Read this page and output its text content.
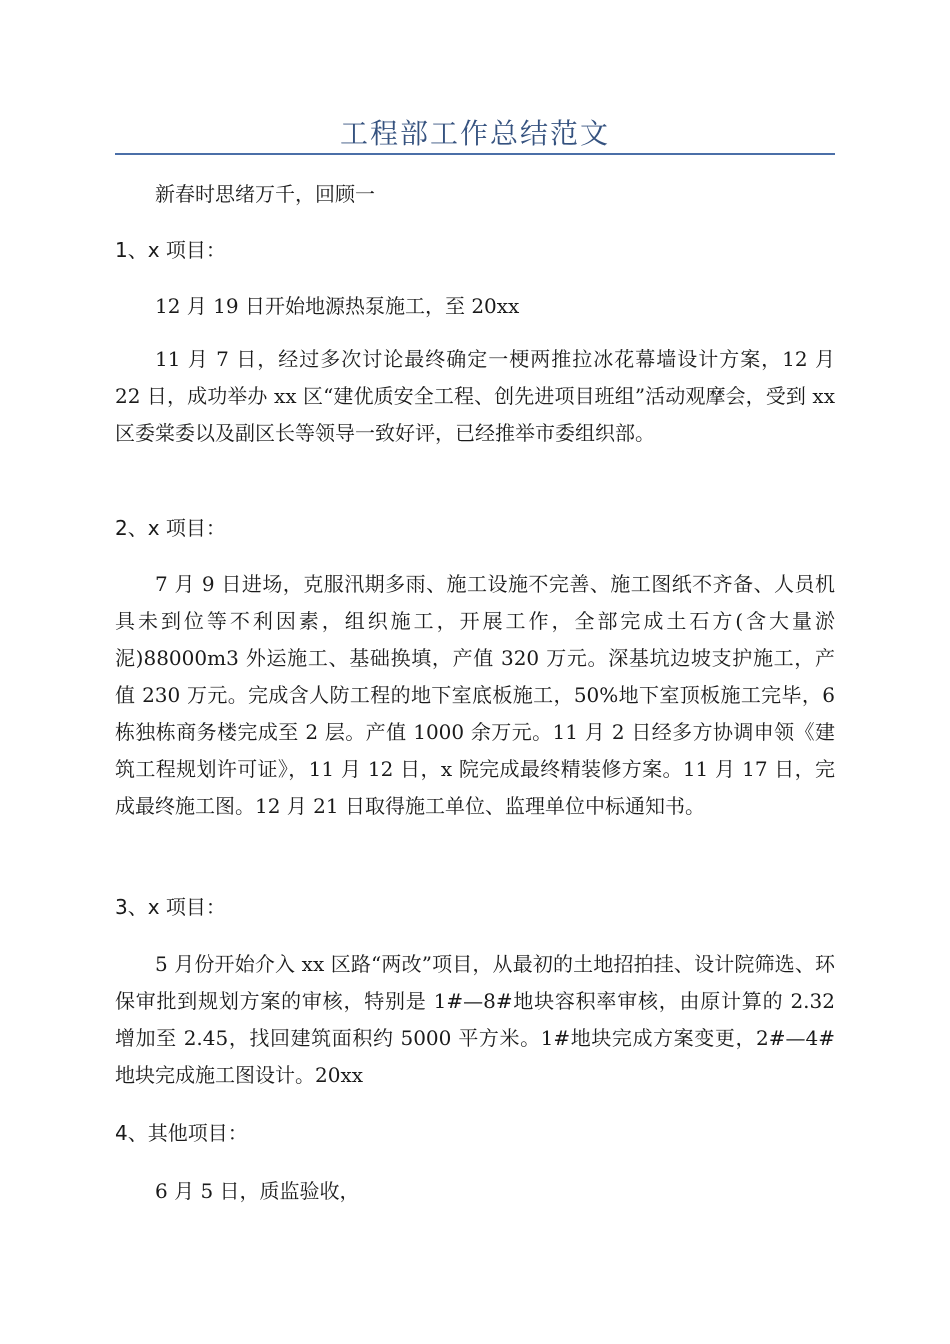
工程部工作总结范文

新春时思绪万千，回顾一

1、x 项目：

12 月 19 日开始地源热泵施工，至 20xx

11 月 7 日，经过多次讨论最终确定一梗两推拉冰花幕墙设计方案，12 月 22 日，成功举办 xx 区“建优质安全工程、创先进项目班组”活动观摩会，受到 xx 区委棠委以及副区长等领导一致好评，已经推举市委组织部。

2、x 项目：

7 月 9 日进场，克服汛期多雨、施工设施不完善、施工图纸不齐备、人员机具未到位等不利因素，组织施工，开展工作，全部完成土石方(含大量淤泥)88000m3 外运施工、基础换填，产值 320 万元。深基坑边坡支护施工，产值 230 万元。完成含人防工程的地下室底板施工，50%地下室顶板施工完毕，6 栋独栋商务楼完成至 2 层。产值 1000 余万元。11 月 2 日经多方协调申领《建筑工程规划许可证》，11 月 12 日，x 院完成最终精装修方案。11 月 17 日，完成最终施工图。12 月 21 日取得施工单位、监理单位中标通知书。

3、x 项目：

5 月份开始介入 xx 区路“两改”项目，从最初的土地招拍挂、设计院筛选、环保审批到规划方案的审核，特别是 1#—8#地块容积率审核，由原计算的 2.32 增加至 2.45，找回建筑面积约 5000 平方米。1#地块完成方案变更，2#—4#地块完成施工图设计。20xx

4、其他项目：

6 月 5 日，质监验收，
